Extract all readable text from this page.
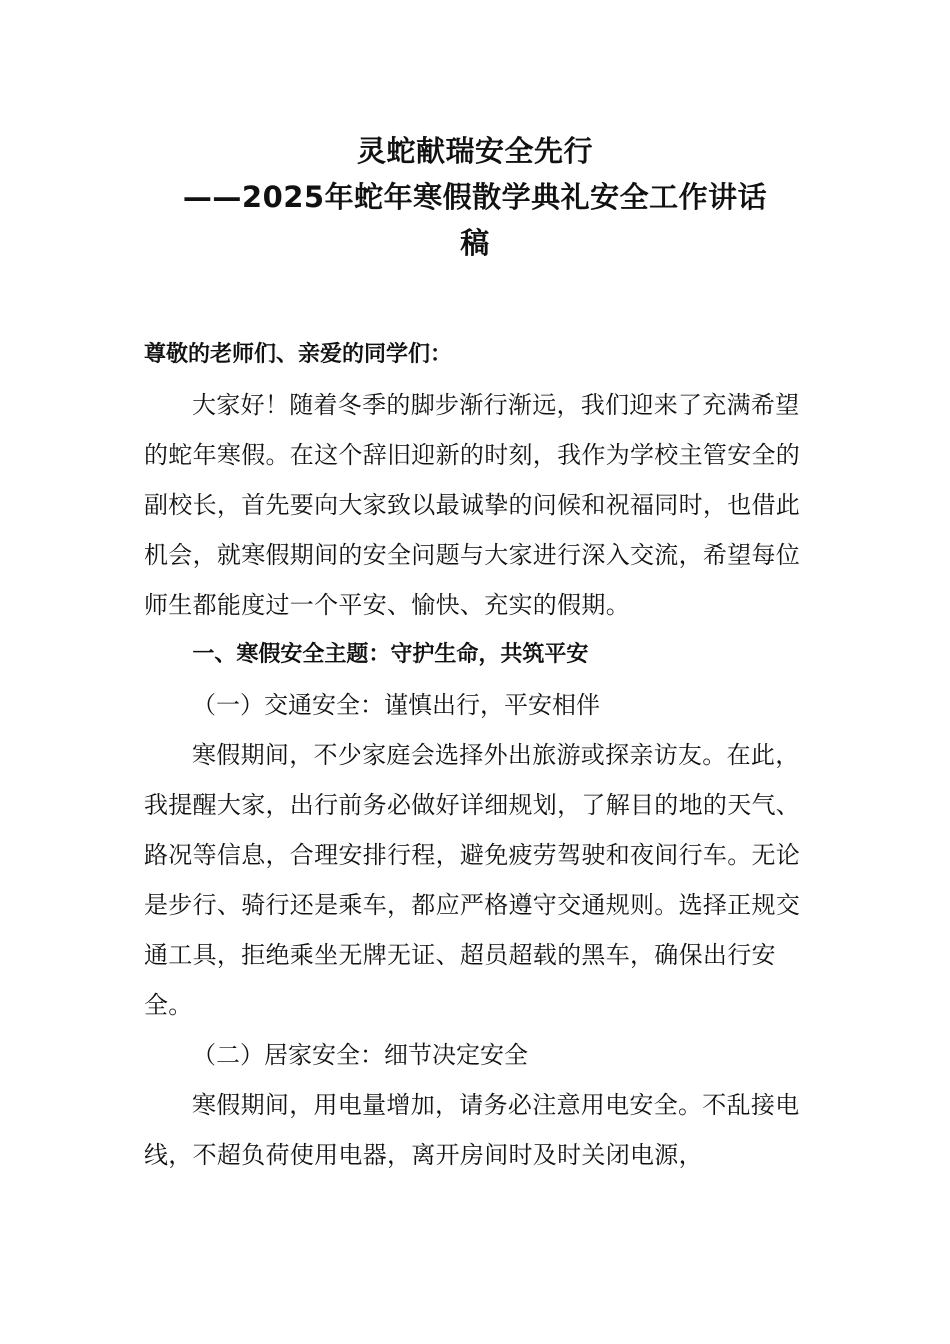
灵蛇献瑞安全先行
——2025年蛇年寒假散学典礼安全工作讲话
稿

尊敬的老师们、亲爱的同学们：

大家好！随着冬季的脚步渐行渐远，我们迎来了充满希望的蛇年寒假。在这个辞旧迎新的时刻，我作为学校主管安全的副校长，首先要向大家致以最诚挚的问候和祝福同时，也借此机会，就寒假期间的安全问题与大家进行深入交流，希望每位师生都能度过一个平安、愉快、充实的假期。

一、寒假安全主题：守护生命，共筑平安

（一）交通安全：谨慎出行，平安相伴

寒假期间，不少家庭会选择外出旅游或探亲访友。在此，我提醒大家，出行前务必做好详细规划，了解目的地的天气、路况等信息，合理安排行程，避免疲劳驾驶和夜间行车。无论是步行、骑行还是乘车，都应严格遵守交通规则。选择正规交通工具，拒绝乘坐无牌无证、超员超载的黑车，确保出行安全。

（二）居家安全：细节决定安全

寒假期间，用电量增加，请务必注意用电安全。不乱接电线，不超负荷使用电器，离开房间时及时关闭电源，
